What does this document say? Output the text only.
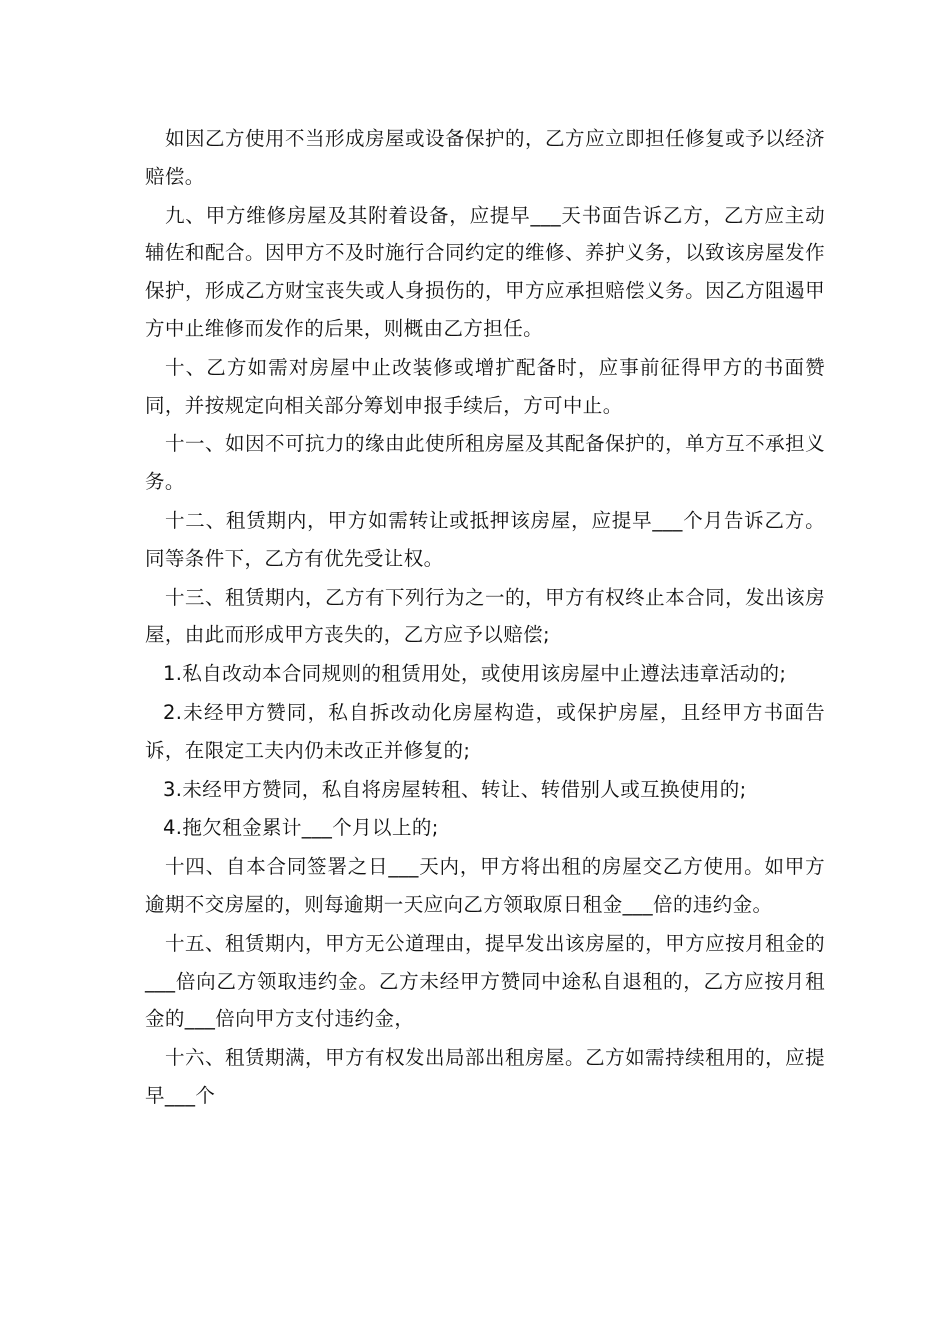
如因乙方使用不当形成房屋或设备保护的，乙方应立即担任修复或予以经济赔偿。

九、甲方维修房屋及其附着设备，应提早___天书面告诉乙方，乙方应主动辅佐和配合。因甲方不及时施行合同约定的维修、养护义务，以致该房屋发作保护，形成乙方财宝丧失或人身损伤的，甲方应承担赔偿义务。因乙方阻遏甲方中止维修而发作的后果，则概由乙方担任。

十、乙方如需对房屋中止改装修或增扩配备时，应事前征得甲方的书面赞同，并按规定向相关部分筹划申报手续后，方可中止。

十一、如因不可抗力的缘由此使所租房屋及其配备保护的，单方互不承担义务。

十二、租赁期内，甲方如需转让或抵押该房屋，应提早___个月告诉乙方。同等条件下，乙方有优先受让权。

十三、租赁期内，乙方有下列行为之一的，甲方有权终止本合同，发出该房屋，由此而形成甲方丧失的，乙方应予以赔偿;

1.私自改动本合同规则的租赁用处，或使用该房屋中止遵法违章活动的;

2.未经甲方赞同，私自拆改动化房屋构造，或保护房屋，且经甲方书面告诉，在限定工夫内仍未改正并修复的;

3.未经甲方赞同，私自将房屋转租、转让、转借别人或互换使用的;

4.拖欠租金累计___个月以上的;

十四、自本合同签署之日___天内，甲方将出租的房屋交乙方使用。如甲方逾期不交房屋的，则每逾期一天应向乙方领取原日租金___倍的违约金。

十五、租赁期内，甲方无公道理由，提早发出该房屋的，甲方应按月租金的___倍向乙方领取违约金。乙方未经甲方赞同中途私自退租的，乙方应按月租金的___倍向甲方支付违约金，

十六、租赁期满，甲方有权发出局部出租房屋。乙方如需持续租用的，应提早___个
